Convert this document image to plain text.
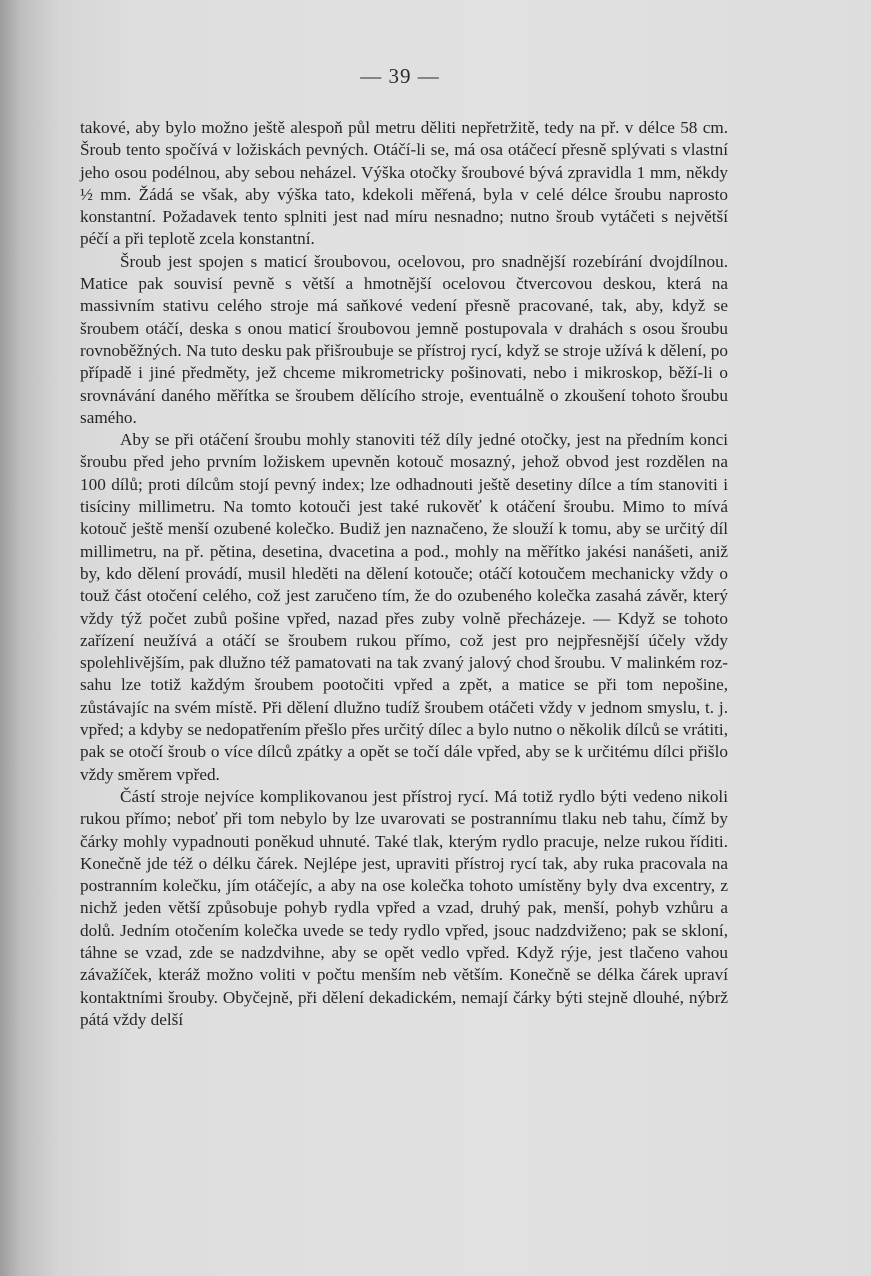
— 39 —

takové, aby bylo možno ještě alespoň půl metru děliti nepřetržitě, tedy na př. v délce 58 cm. Šroub tento spočívá v ložiskách pevných. Otáčí-li se, má osa otáčecí přesně splývati s vlastní jeho osou podélnou, aby sebou neházel. Výška otočky šroubové bývá zpravidla 1 mm, někdy ½ mm. Žádá se však, aby výška tato, kdekoli měřená, byla v celé délce šroubu naprosto konstantní. Požadavek tento splniti jest nad míru nesnadno; nutno šroub vytáčeti s největší péčí a při teplotě zcela konstantní.

Šroub jest spojen s maticí šroubovou, ocelovou, pro snadnější rozebírání dvojdílnou. Matice pak souvisí pevně s větší a hmotnější ocelovou čtvercovou deskou, která na massivním stativu celého stroje má saňkové vedení přesně pracované, tak, aby, když se šroubem otáčí, deska s onou maticí šroubovou jemně postupovala v drahách s osou šroubu rovnoběžných. Na tuto desku pak přišroubuje se přístroj rycí, když se stroje užívá k dělení, po případě i jiné předměty, jež chceme mikrometricky pošinovati, nebo i mikroskop, běží-li o srovnávání daného měřítka se šroubem dělícího stroje, eventuálně o zkoušení tohoto šroubu samého.

Aby se při otáčení šroubu mohly stanoviti též díly jedné otočky, jest na předním konci šroubu před jeho prvním ložiskem upevněn kotouč mosazný, jehož obvod jest rozdělen na 100 dílů; proti dílcům stojí pevný index; lze odhadnouti ještě desetiny dílce a tím stanoviti i tisíciny millimetru. Na tomto kotouči jest také rukověť k otáčení šroubu. Mimo to mívá kotouč ještě menší ozubené kolečko. Budiž jen naznačeno, že slouží k tomu, aby se určitý díl millimetru, na př. pětina, desetina, dvacetina a pod., mohly na měřítko jakési nanášeti, aniž by, kdo dělení provádí, musil hleděti na dělení kotouče; otáčí kotoučem mechanicky vždy o touž část otočení celého, což jest zaručeno tím, že do ozubeného kolečka zasahá závěr, který vždy týž počet zubů pošine vpřed, nazad přes zuby volně přecházeje. — Když se tohoto zařízení neužívá a otáčí se šroubem rukou přímo, což jest pro nejpřesnější účely vždy spolehlivějším, pak dlužno též pamatovati na tak zvaný jalový chod šroubu. V malinkém rozsahu lze totiž každým šroubem pootočiti vpřed a zpět, a matice se při tom nepošine, zůstávajíc na svém místě. Při dělení dlužno tudíž šroubem otáčeti vždy v jednom smyslu, t. j. vpřed; a kdyby se nedopatřením přešlo přes určitý dílec a bylo nutno o několik dílců se vrátiti, pak se otočí šroub o více dílců zpátky a opět se točí dále vpřed, aby se k určitému dílci přišlo vždy směrem vpřed.

Částí stroje nejvíce komplikovanou jest přístroj rycí. Má totiž rydlo býti vedeno nikoli rukou přímo; neboť při tom nebylo by lze uvarovati se postrannímu tlaku neb tahu, čímž by čárky mohly vypadnouti poněkud uhnuté. Také tlak, kterým rydlo pracuje, nelze rukou říditi. Konečně jde též o délku čárek. Nejlépe jest, upraviti přístroj rycí tak, aby ruka pracovala na postranním kolečku, jím otáčejíc, a aby na ose kolečka tohoto umístěny byly dva excentry, z nichž jeden větší způsobuje pohyb rydla vpřed a vzad, druhý pak, menší, pohyb vzhůru a dolů. Jedním otočením kolečka uvede se tedy rydlo vpřed, jsouc nadzdviženo; pak se skloní, táhne se vzad, zde se nadzdvihne, aby se opět vedlo vpřed. Když rýje, jest tlačeno vahou závažíček, kteráž možno voliti v počtu menším neb větším. Konečně se délka čárek upraví kontaktními šrouby. Obyčejně, při dělení dekadickém, nemají čárky býti stejně dlouhé, nýbrž pátá vždy delší
